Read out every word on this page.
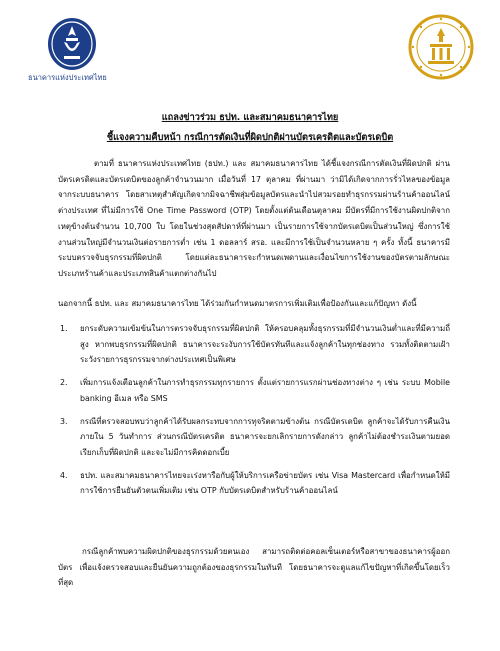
ธนาคารแห่งประเทศไทย
แถลงข่าวร่วม ธปท. และสมาคมธนาคารไทย
ชี้แจงความคืบหน้า กรณีการตัดเงินที่ผิดปกติผ่านบัตรเครดิตและบัตรเดบิต

ตามที่ ธนาคารแห่งประเทศไทย (ธปท.) และ สมาคมธนาคารไทย ได้ชี้แจงกรณีการตัดเงินที่ผิดปกติ ผ่านบัตรเครดิตและบัตรเดบิตของลูกค้าจำนวนมาก เมื่อวันที่ 17 ตุลาคม ที่ผ่านมา ว่ามิได้เกิดจากการรั่วไหลของข้อมูลจากระบบธนาคาร โดยสาเหตุสำคัญเกิดจากมิจฉาชีพสุ่มข้อมูลบัตรและนำไปสวมรอยทำธุรกรรมผ่านร้านค้าออนไลน์ต่างประเทศ ที่ไม่มีการใช้ One Time Password (OTP) โดยตั้งแต่ต้นเดือนตุลาคม มีบัตรที่มีการใช้งานผิดปกติจากเหตุข้างต้นจำนวน 10,700 ใบ โดยในช่วงสุดสัปดาห์ที่ผ่านมา เป็นรายการใช้จากบัตรเดบิตเป็นส่วนใหญ่ ซึ่งการใช้งานส่วนใหญ่มีจำนวนเงินต่อรายการต่ำ เช่น 1 ดอลลาร์ สรอ. และมีการใช้เป็นจำนวนหลาย ๆ ครั้ง ทั้งนี้ ธนาคารมีระบบตรวจจับธุรกรรมที่ผิดปกติ โดยแต่ละธนาคารจะกำหนดเพดานและเงื่อนไขการใช้งานของบัตรตามลักษณะประเภทร้านค้าและประเภทสินค้าแตกต่างกันไป

นอกจากนี้ ธปท. และ สมาคมธนาคารไทย ได้ร่วมกันกำหนดมาตรการเพิ่มเติมเพื่อป้องกันและแก้ปัญหา ดังนี้

1.	ยกระดับความเข้มข้นในการตรวจจับธุรกรรมที่ผิดปกติ ให้ครอบคลุมทั้งธุรกรรมที่มีจำนวนเงินต่ำและที่มีความถี่สูง หากพบธุรกรรมที่ผิดปกติ ธนาคารจะระงับการใช้บัตรทันทีและแจ้งลูกค้าในทุกช่องทาง รวมทั้งติดตามเฝ้าระวังรายการธุรกรรมจากต่างประเทศเป็นพิเศษ
2.	เพิ่มการแจ้งเตือนลูกค้าในการทำธุรกรรมทุกรายการ ตั้งแต่รายการแรกผ่านช่องทางต่าง ๆ เช่น ระบบ Mobile banking อีเมล หรือ SMS
3.	กรณีที่ตรวจสอบพบว่าลูกค้าได้รับผลกระทบจากการทุจริตตามข้างต้น กรณีบัตรเดบิต ลูกค้าจะได้รับการคืนเงินภายใน 5 วันทำการ ส่วนกรณีบัตรเครดิต ธนาคารจะยกเลิกรายการดังกล่าว ลูกค้าไม่ต้องชำระเงินตามยอดเรียกเก็บที่ผิดปกติ และจะไม่มีการคิดดอกเบี้ย
4.	ธปท. และสมาคมธนาคารไทยจะเร่งหารือกับผู้ให้บริการเครือข่ายบัตร เช่น Visa Mastercard เพื่อกำหนดให้มีการใช้การยืนยันตัวตนเพิ่มเติม เช่น OTP กับบัตรเดบิตสำหรับร้านค้าออนไลน์

กรณีลูกค้าพบความผิดปกติของธุรกรรมด้วยตนเอง สามารถติดต่อคอลเซ็นเตอร์หรือสาขาของธนาคารผู้ออกบัตร เพื่อแจ้งตรวจสอบและยืนยันความถูกต้องของธุรกรรมในทันที โดยธนาคารจะดูแลแก้ไขปัญหาที่เกิดขึ้นโดยเร็วที่สุด
